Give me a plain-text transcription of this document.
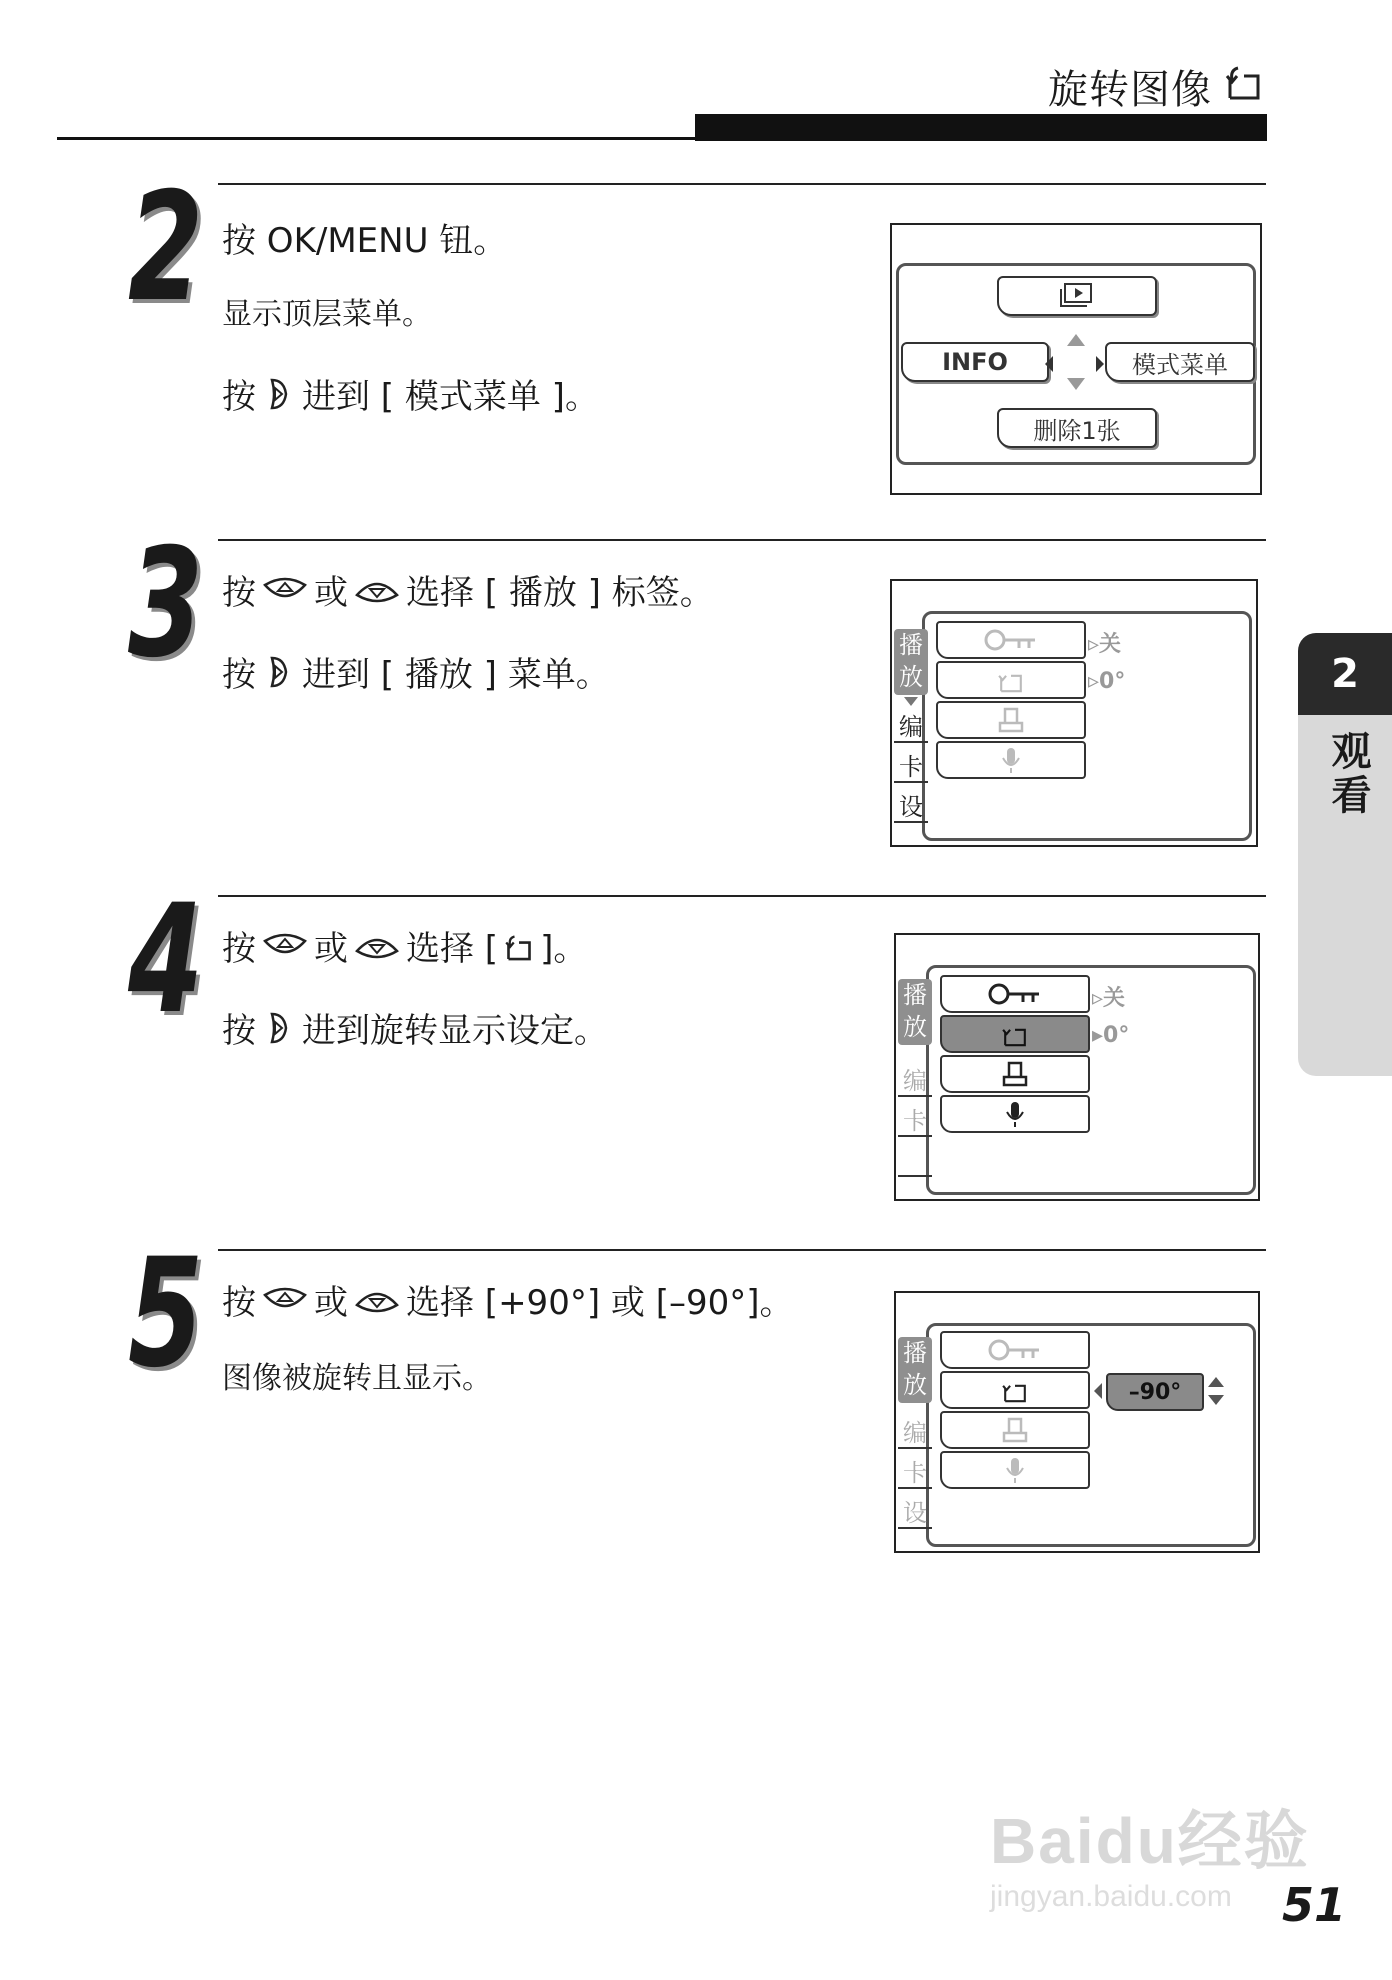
旋转图像
2 按 OK/MENU 钮。
显示顶层菜单。
按 进到 [ 模式菜单 ]。
INFO	模式菜单
删除1张
3 按 或 选择 [ 播放 ] 标签。
按 进到 [ 播放 ] 菜单。
播
放
编
卡
设
▹关
▹0°
4 按 或 选择 [ ]。
按 进到旋转显示设定。
播
放
编
卡
▹关
▸0°
5 按 或 选择 [+90°] 或 [–90°]。
图像被旋转且显示。
播
放
编
卡
设
–90°
2
观看
Baidu经验
jingyan.baidu.com 51
